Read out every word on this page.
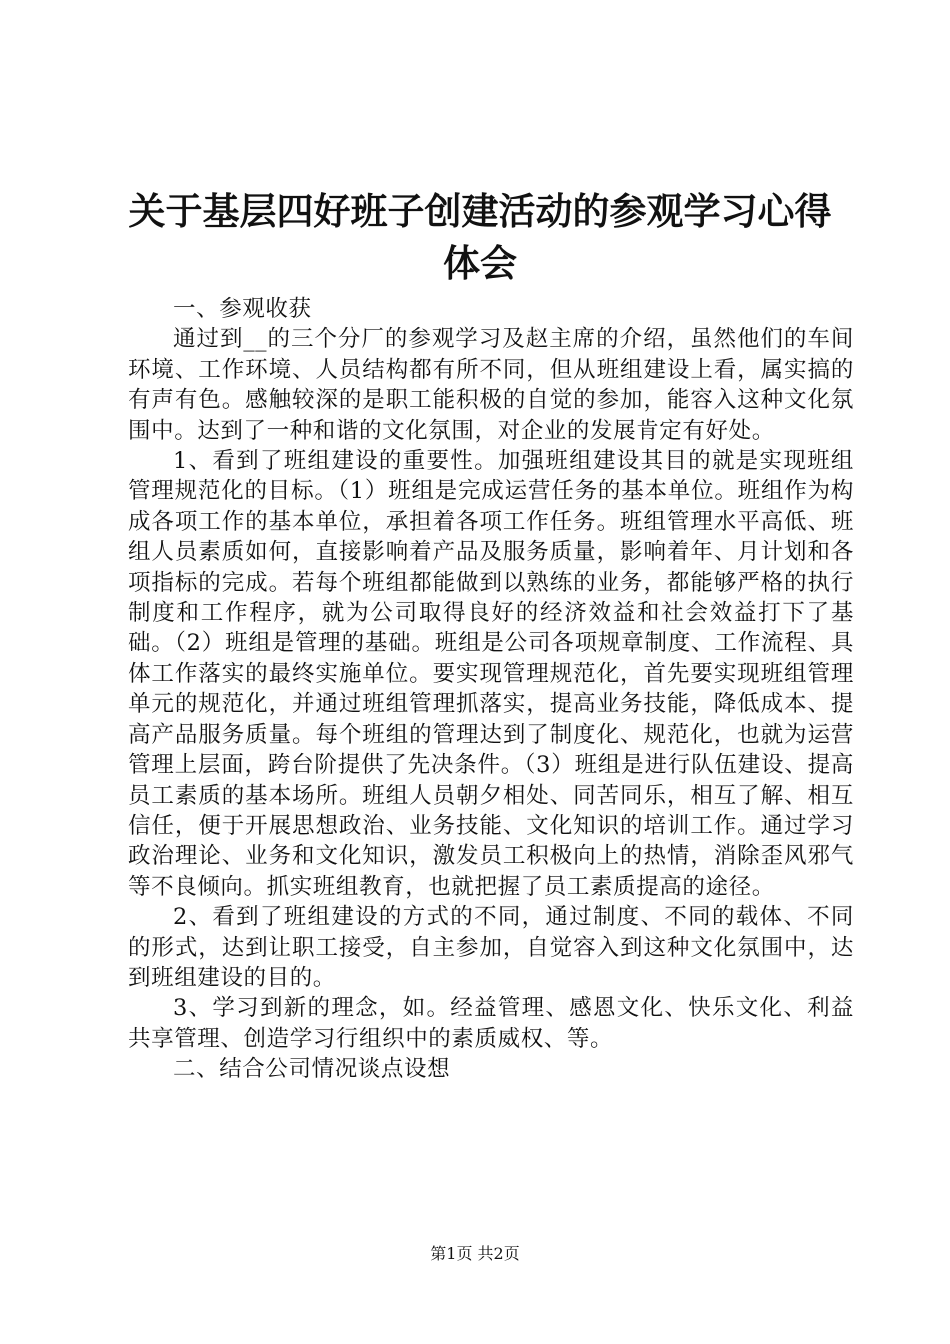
关于基层四好班子创建活动的参观学习心得体会

一、参观收获

通过到__的三个分厂的参观学习及赵主席的介绍，虽然他们的车间环境、工作环境、人员结构都有所不同，但从班组建设上看，属实搞的有声有色。感触较深的是职工能积极的自觉的参加，能容入这种文化氛围中。达到了一种和谐的文化氛围，对企业的发展肯定有好处。

1、看到了班组建设的重要性。加强班组建设其目的就是实现班组管理规范化的目标。（1）班组是完成运营任务的基本单位。班组作为构成各项工作的基本单位，承担着各项工作任务。班组管理水平高低、班组人员素质如何，直接影响着产品及服务质量，影响着年、月计划和各项指标的完成。若每个班组都能做到以熟练的业务，都能够严格的执行制度和工作程序，就为公司取得良好的经济效益和社会效益打下了基础。（2）班组是管理的基础。班组是公司各项规章制度、工作流程、具体工作落实的最终实施单位。要实现管理规范化，首先要实现班组管理单元的规范化，并通过班组管理抓落实，提高业务技能，降低成本、提高产品服务质量。每个班组的管理达到了制度化、规范化，也就为运营管理上层面，跨台阶提供了先决条件。（3）班组是进行队伍建设、提高员工素质的基本场所。班组人员朝夕相处、同苦同乐，相互了解、相互信任，便于开展思想政治、业务技能、文化知识的培训工作。通过学习政治理论、业务和文化知识，激发员工积极向上的热情，消除歪风邪气等不良倾向。抓实班组教育，也就把握了员工素质提高的途径。

2、看到了班组建设的方式的不同，通过制度、不同的载体、不同的形式，达到让职工接受，自主参加，自觉容入到这种文化氛围中，达到班组建设的目的。

3、学习到新的理念，如。经益管理、感恩文化、快乐文化、利益共享管理、创造学习行组织中的素质威权、等。

二、结合公司情况谈点设想

第1页 共2页
